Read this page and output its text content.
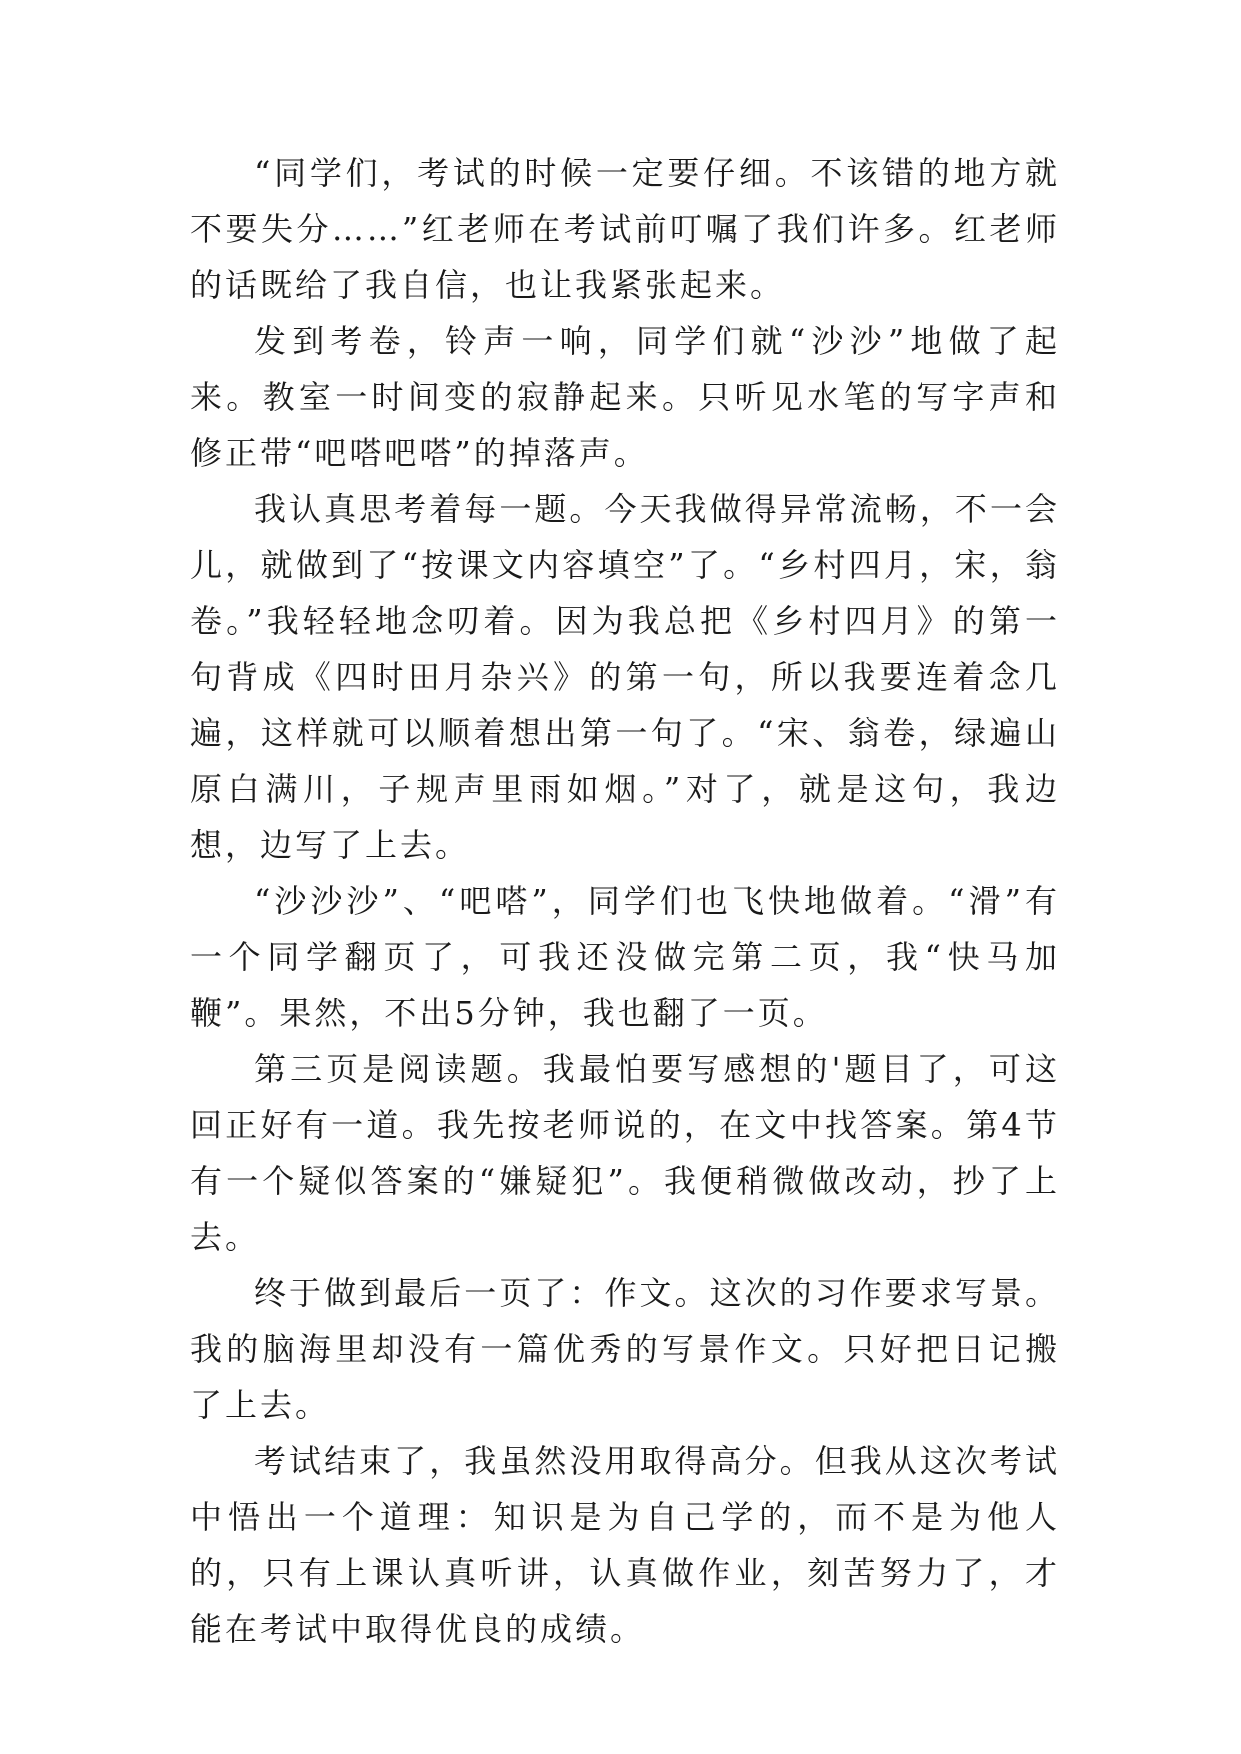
“同学们，考试的时候一定要仔细。不该错的地方就不要失分……”红老师在考试前叮嘱了我们许多。红老师的话既给了我自信，也让我紧张起来。

发到考卷，铃声一响，同学们就“沙沙”地做了起来。教室一时间变的寂静起来。只听见水笔的写字声和修正带“吧嗒吧嗒”的掉落声。

我认真思考着每一题。今天我做得异常流畅，不一会儿，就做到了“按课文内容填空”了。“乡村四月，宋，翁卷。”我轻轻地念叨着。因为我总把《乡村四月》的第一句背成《四时田月杂兴》的第一句，所以我要连着念几遍，这样就可以顺着想出第一句了。“宋、翁卷，绿遍山原白满川，子规声里雨如烟。”对了，就是这句，我边想，边写了上去。

“沙沙沙”、“吧嗒”，同学们也飞快地做着。“滑”有一个同学翻页了，可我还没做完第二页，我“快马加鞭”。果然，不出5分钟，我也翻了一页。

第三页是阅读题。我最怕要写感想的'题目了，可这回正好有一道。我先按老师说的，在文中找答案。第4节有一个疑似答案的“嫌疑犯”。我便稍微做改动，抄了上去。

终于做到最后一页了：作文。这次的习作要求写景。我的脑海里却没有一篇优秀的写景作文。只好把日记搬了上去。

考试结束了，我虽然没用取得高分。但我从这次考试中悟出一个道理：知识是为自己学的，而不是为他人的，只有上课认真听讲，认真做作业，刻苦努力了，才能在考试中取得优良的成绩。
